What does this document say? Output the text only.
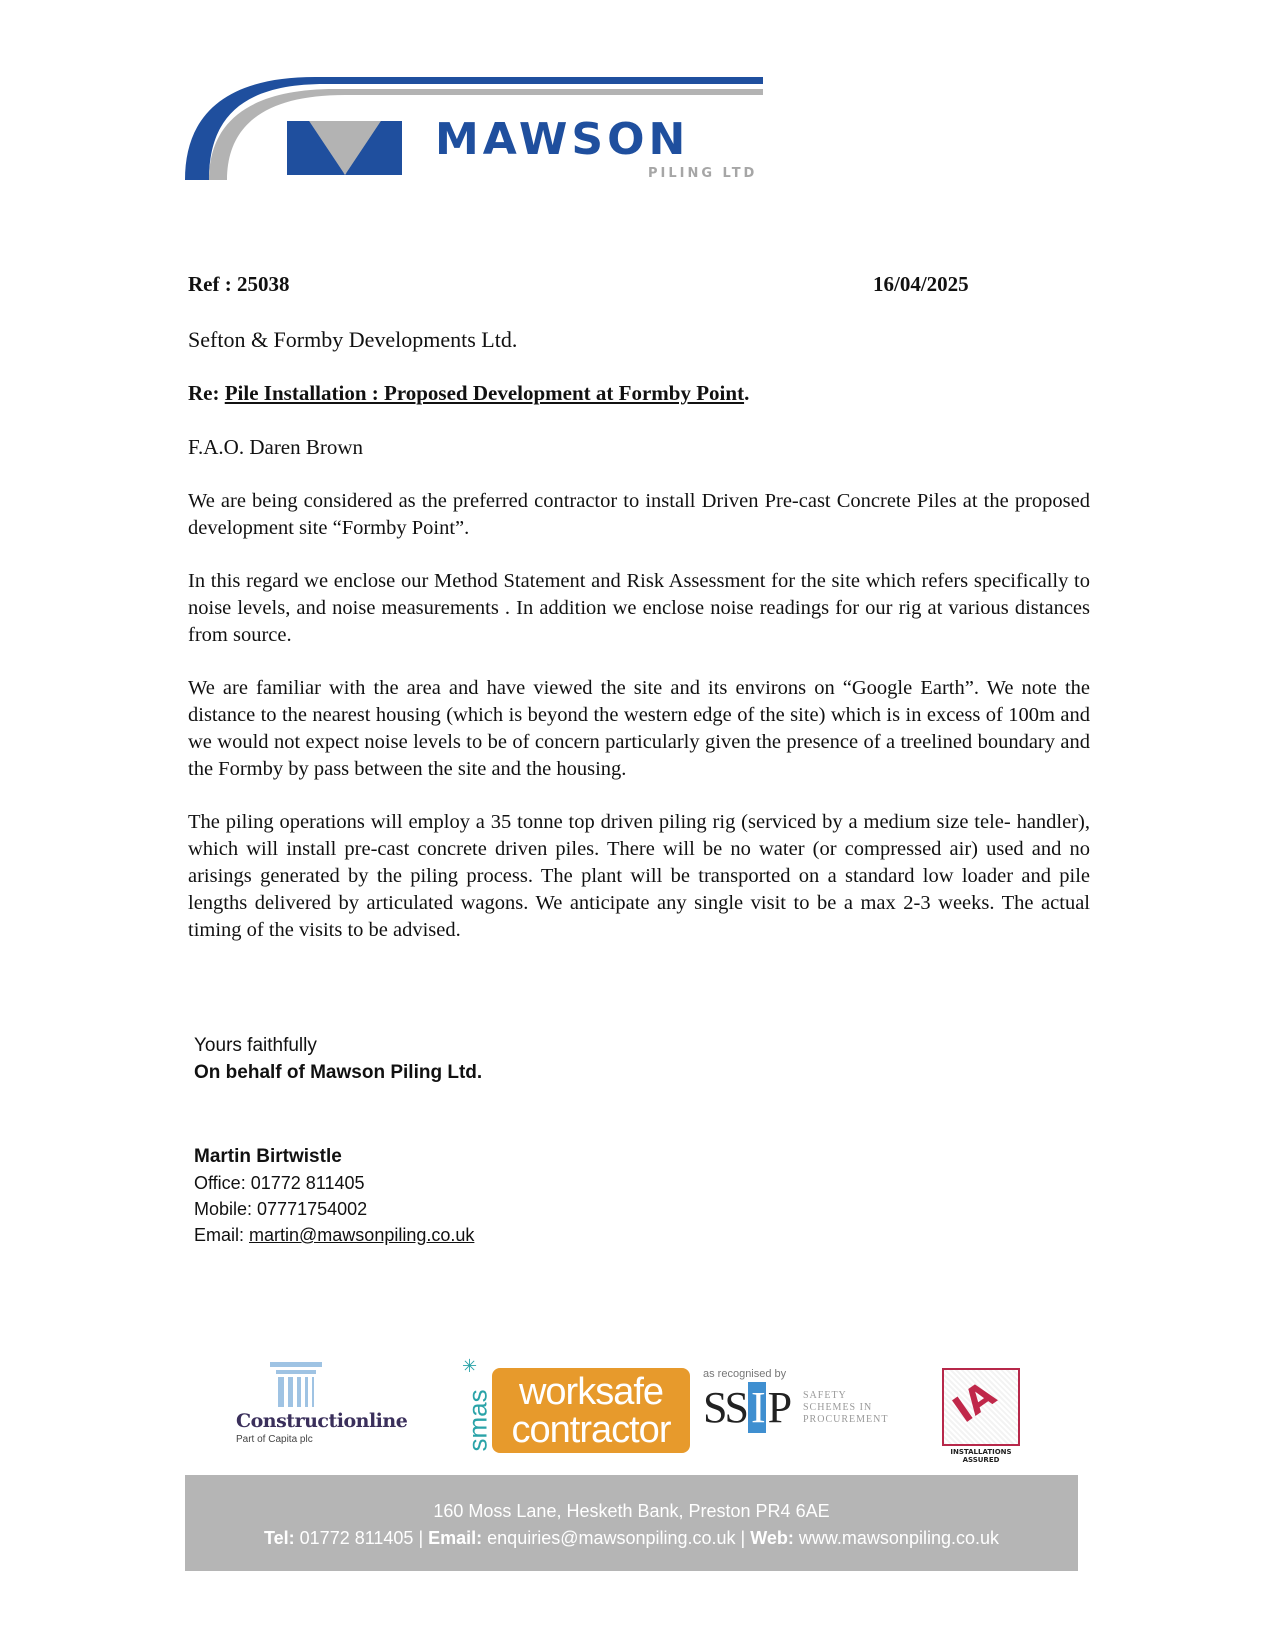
MAWSON
PILING LTD
Ref : 25038	16/04/2025
Sefton & Formby Developments Ltd.
Re: Pile Installation : Proposed Development at Formby Point.
F.A.O. Daren Brown

We are being considered as the preferred contractor to install Driven Pre-cast Concrete Piles at the proposed development site “Formby Point”.

In this regard we enclose our Method Statement and Risk Assessment for the site which refers specifically to noise levels, and noise measurements . In addition we enclose noise readings for our rig at various distances from source.

We are familiar with the area and have viewed the site and its environs on “Google Earth”. We note the distance to the nearest housing (which is beyond the western edge of the site) which is in excess of 100m and we would not expect noise levels to be of concern particularly given the presence of a treelined boundary and the Formby by pass between the site and the housing.

The piling operations will employ a 35 tonne top driven piling rig (serviced by a medium size tele- handler), which will install pre-cast concrete driven piles. There will be no water (or compressed air) used and no arisings generated by the piling process. The plant will be transported on a standard low loader and pile lengths delivered by articulated wagons. We anticipate any single visit to be a max 2-3 weeks. The actual timing of the visits to be advised.

Yours faithfully
On behalf of Mawson Piling Ltd.
Martin Birtwistle
Office: 01772 811405
Mobile: 07771754002
Email: martin@mawsonpiling.co.uk
Constructionline
Part of Capita plc
✳
smas worksafe
contractor
as recognised by
SS I P SAFETY
SCHEMES IN
PROCUREMENT IA
INSTALLATIONS
ASSURED
160 Moss Lane, Hesketh Bank, Preston PR4 6AE
Tel: 01772 811405 | Email: enquiries@mawsonpiling.co.uk | Web: www.mawsonpiling.co.uk
